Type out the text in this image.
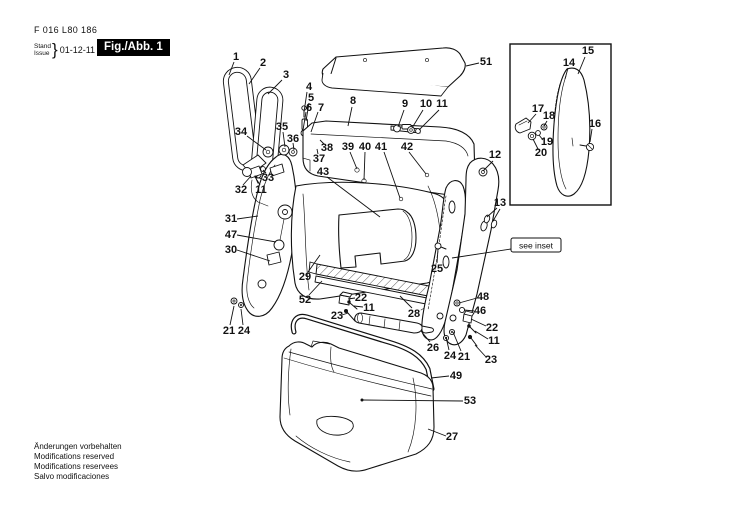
F 016 L80 186
Stand
Issue } 01-12-11 Fig./Abb. 1
Änderungen vorbehalten
Modifications reserved
Modifications reservees
Salvo modificaciones
see inset
1 2
3
4
5
6 7
8	9 10 11
51
34	35
36
38
37
39 40 41 42
43
32 11
33
31
47
30
29
52
21 24
22
11
23	28
26
24 21
49
53
27
12
13
25
48
46
22
11
23
14
15
17
18
16
19
20
